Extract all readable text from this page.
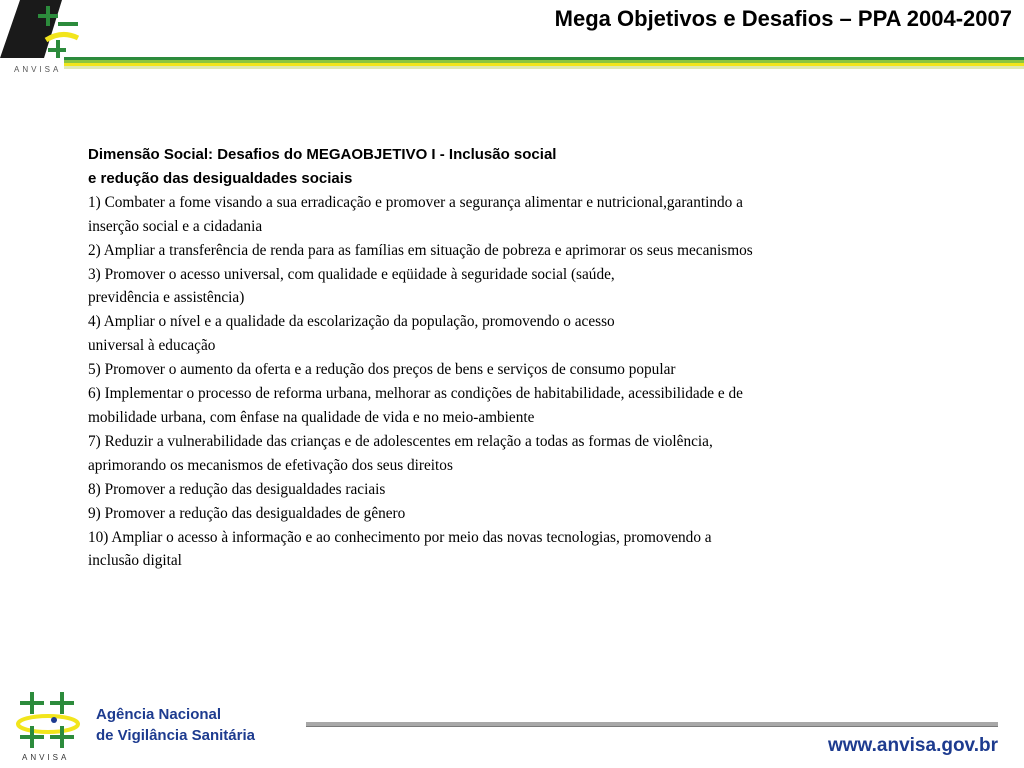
ANVISA
Mega Objetivos e Desafios – PPA 2004-2007
Dimensão Social: Desafios do MEGAOBJETIVO I - Inclusão social
e redução das desigualdades sociais
1) Combater a fome visando a sua erradicação e promover a segurança alimentar e nutricional,garantindo a
inserção social e a cidadania
2) Ampliar a transferência de renda para as famílias em situação de pobreza e aprimorar os seus mecanismos
3) Promover o acesso universal, com qualidade e eqüidade à seguridade social (saúde,
previdência e assistência)
4) Ampliar o nível e a qualidade da escolarização da população, promovendo o acesso
universal à educação
5) Promover o aumento da oferta e a redução dos preços de bens e serviços de consumo popular
6) Implementar o processo de reforma urbana, melhorar as condições de habitabilidade, acessibilidade e de
mobilidade urbana, com ênfase na qualidade de vida e no meio-ambiente
7) Reduzir a vulnerabilidade das crianças e de adolescentes em relação a todas as formas de violência,
aprimorando os mecanismos de efetivação dos seus direitos
8) Promover a redução das desigualdades raciais
9) Promover a redução das desigualdades de gênero
10) Ampliar o acesso à informação e ao conhecimento por meio das novas tecnologias, promovendo a
inclusão digital
ANVISA
Agência Nacional
de Vigilância Sanitária	www.anvisa.gov.br
